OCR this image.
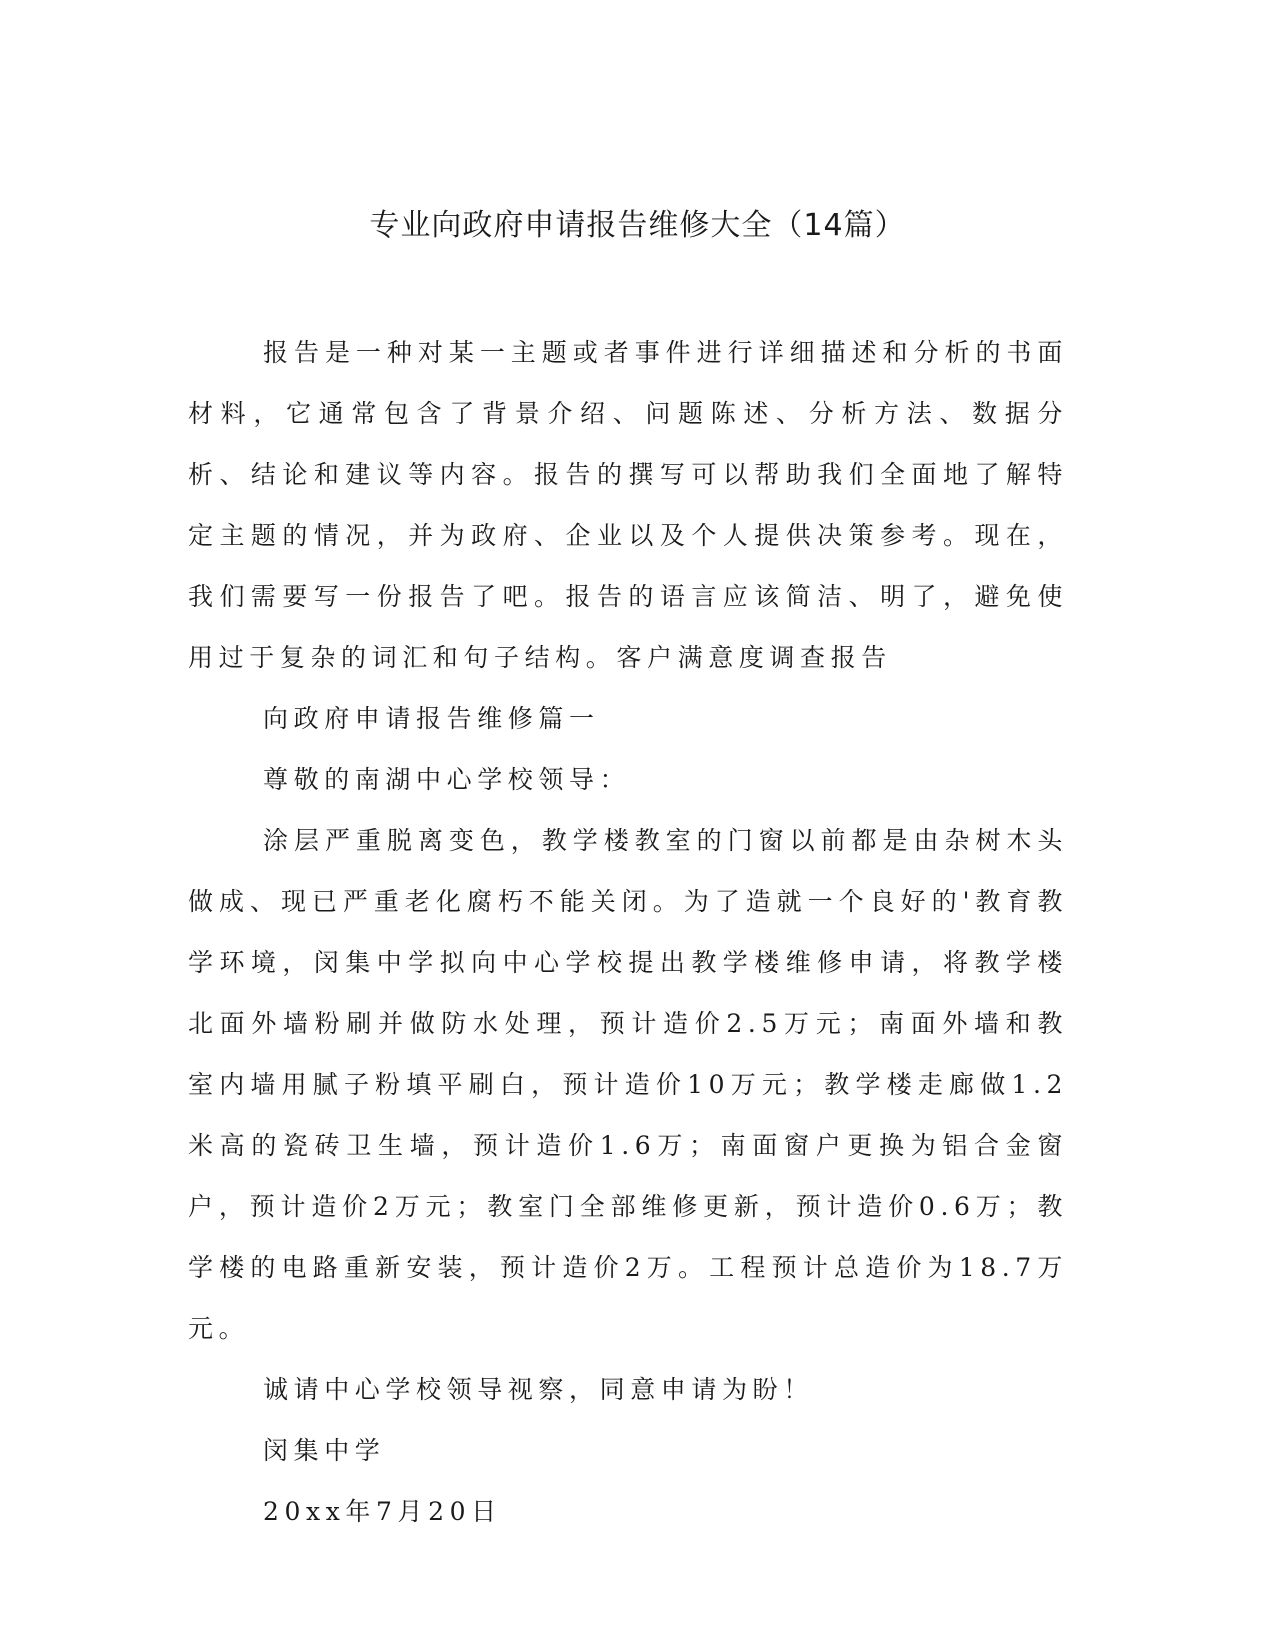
专业向政府申请报告维修大全（14篇）

报告是一种对某一主题或者事件进行详细描述和分析的书面材料，它通常包含了背景介绍、问题陈述、分析方法、数据分析、结论和建议等内容。报告的撰写可以帮助我们全面地了解特定主题的情况，并为政府、企业以及个人提供决策参考。现在，我们需要写一份报告了吧。报告的语言应该简洁、明了，避免使用过于复杂的词汇和句子结构。客户满意度调查报告

向政府申请报告维修篇一

尊敬的南湖中心学校领导：

涂层严重脱离变色，教学楼教室的门窗以前都是由杂树木头做成、现已严重老化腐朽不能关闭。为了造就一个良好的'教育教学环境，闵集中学拟向中心学校提出教学楼维修申请，将教学楼北面外墙粉刷并做防水处理，预计造价2.5万元；南面外墙和教室内墙用腻子粉填平刷白，预计造价10万元；教学楼走廊做1.2米高的瓷砖卫生墙，预计造价1.6万；南面窗户更换为铝合金窗户，预计造价2万元；教室门全部维修更新，预计造价0.6万；教学楼的电路重新安装，预计造价2万。工程预计总造价为18.7万元。

诚请中心学校领导视察，同意申请为盼！

闵集中学

20xx年7月20日
